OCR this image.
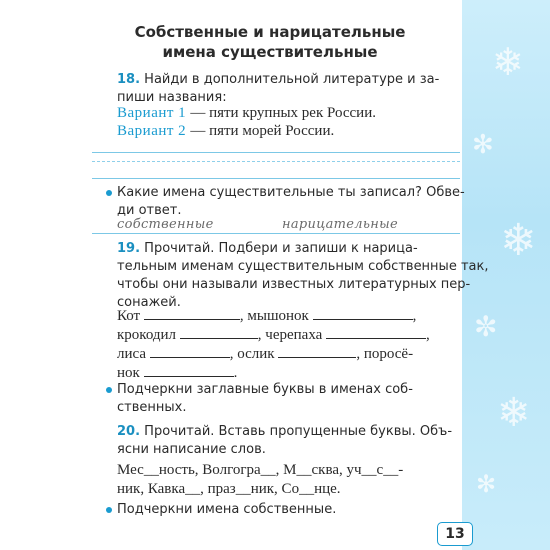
❄
✻
❄
✼
❄
✻
Собственные и нарицательные
имена существительные
18. Найди в дополнительной литературе и за-
пиши названия:
Вариант 1 — пяти крупных рек России.
Вариант 2 — пяти морей России.
Какие имена существительные ты записал? Обве-
ди ответ.
собственные	нарицательные
19. Прочитай. Подбери и запиши к нарица-
тельным именам существительным собственные так,
чтобы они называли известных литературных пер-
сонажей.
Кот	, мышонок	,
крокодил	, черепаха	,
лиса	, ослик	, поросё-
нок	.
Подчеркни заглавные буквы в именах соб-
ственных.
20. Прочитай. Вставь пропущенные буквы. Объ-
ясни написание слов.
Мес__ность, Волгогра__, М__сква, уч__с__-
ник, Кавка__, праз__ник, Со__нце.
Подчеркни имена собственные.
13
